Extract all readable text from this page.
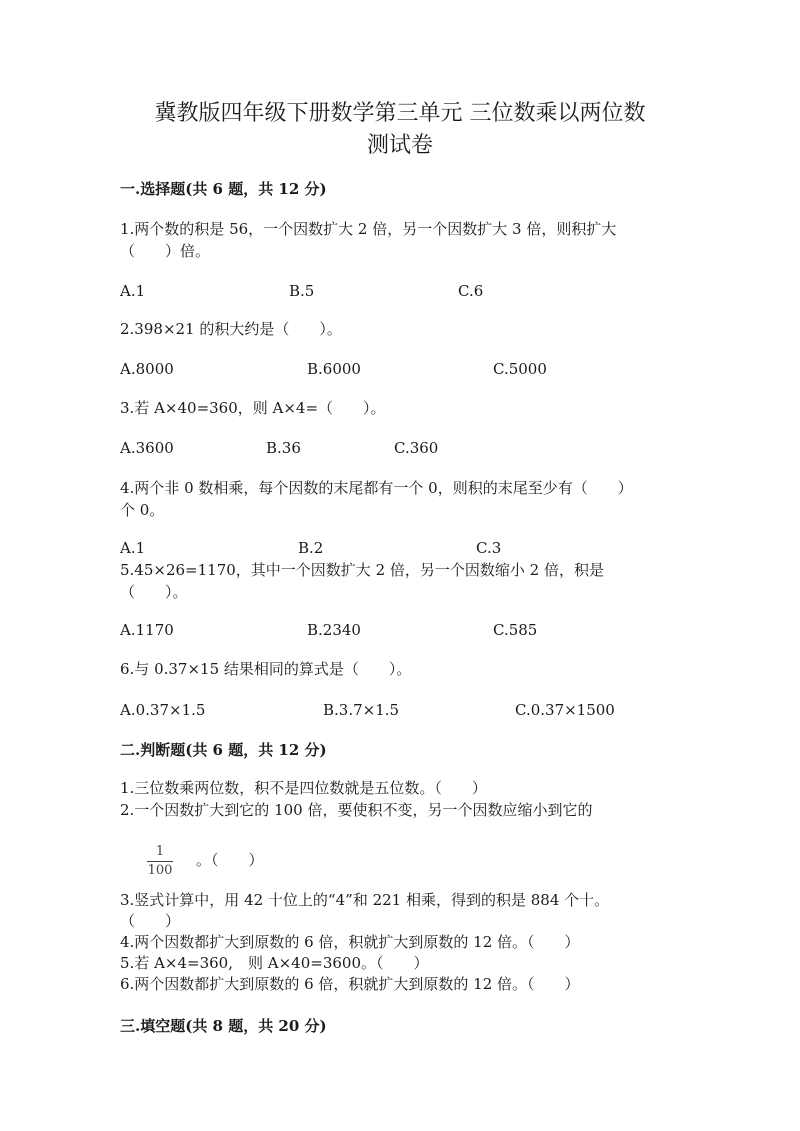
冀教版四年级下册数学第三单元 三位数乘以两位数
测试卷
一.选择题(共 6 题，共 12 分)
1.两个数的积是 56，一个因数扩大 2 倍，另一个因数扩大 3 倍，则积扩大
（　　）倍。
A.1	B.5	C.6
2.398×21 的积大约是（　　）。
A.8000	B.6000	C.5000
3.若 A×40=360，则 A×4=（　　）。
A.3600	B.36	C.360
4.两个非 0 数相乘，每个因数的末尾都有一个 0，则积的末尾至少有（　　）
个 0。
A.1	B.2	C.3
5.45×26=1170，其中一个因数扩大 2 倍，另一个因数缩小 2 倍，积是
（　　）。
A.1170	B.2340	C.585
6.与 0.37×15 结果相同的算式是（　　）。
A.0.37×1.5	B.3.7×1.5	C.0.37×1500
二.判断题(共 6 题，共 12 分)
1.三位数乘两位数，积不是四位数就是五位数。（　　）
2.一个因数扩大到它的 100 倍，要使积不变，另一个因数应缩小到它的
1
100
。（　　）
3.竖式计算中，用 42 十位上的“4”和 221 相乘，得到的积是 884 个十。
（　　）
4.两个因数都扩大到原数的 6 倍，积就扩大到原数的 12 倍。（　　）
5.若 A×4=360,　则 A×40=3600。（　　）
6.两个因数都扩大到原数的 6 倍，积就扩大到原数的 12 倍。（　　）
三.填空题(共 8 题，共 20 分)
